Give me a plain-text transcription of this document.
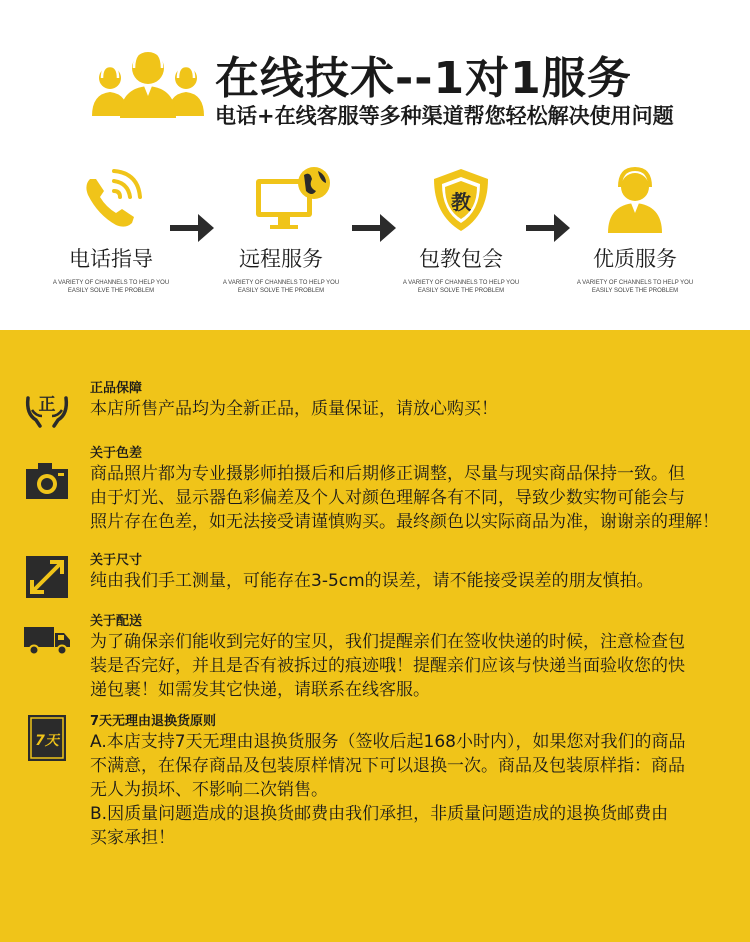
在线技术--1对1服务
电话+在线客服等多种渠道帮您轻松解决使用问题
电话指导
A VARIETY OF CHANNELS TO HELP YOU
EASILY SOLVE THE PROBLEM
远程服务
A VARIETY OF CHANNELS TO HELP YOU
EASILY SOLVE THE PROBLEM
教
包教包会
A VARIETY OF CHANNELS TO HELP YOU
EASILY SOLVE THE PROBLEM
优质服务
A VARIETY OF CHANNELS TO HELP YOU
EASILY SOLVE THE PROBLEM
正
正品保障
本店所售产品均为全新正品，质量保证，请放心购买！
关于色差
商品照片都为专业摄影师拍摄后和后期修正调整，尽量与现实商品保持一致。但
由于灯光、显示器色彩偏差及个人对颜色理解各有不同，导致少数实物可能会与
照片存在色差，如无法接受请谨慎购买。最终颜色以实际商品为准，谢谢亲的理解！
关于尺寸
纯由我们手工测量，可能存在3-5cm的误差，请不能接受误差的朋友慎拍。
关于配送
为了确保亲们能收到完好的宝贝，我们提醒亲们在签收快递的时候，注意检查包
装是否完好，并且是否有被拆过的痕迹哦！提醒亲们应该与快递当面验收您的快
递包裹！如需发其它快递，请联系在线客服。
7天
7天无理由退换货原则
A.本店支持7天无理由退换货服务（签收后起168小时内），如果您对我们的商品
不满意，在保存商品及包装原样情况下可以退换一次。商品及包装原样指：商品
无人为损坏、不影响二次销售。
B.因质量问题造成的退换货邮费由我们承担，非质量问题造成的退换货邮费由
买家承担！
